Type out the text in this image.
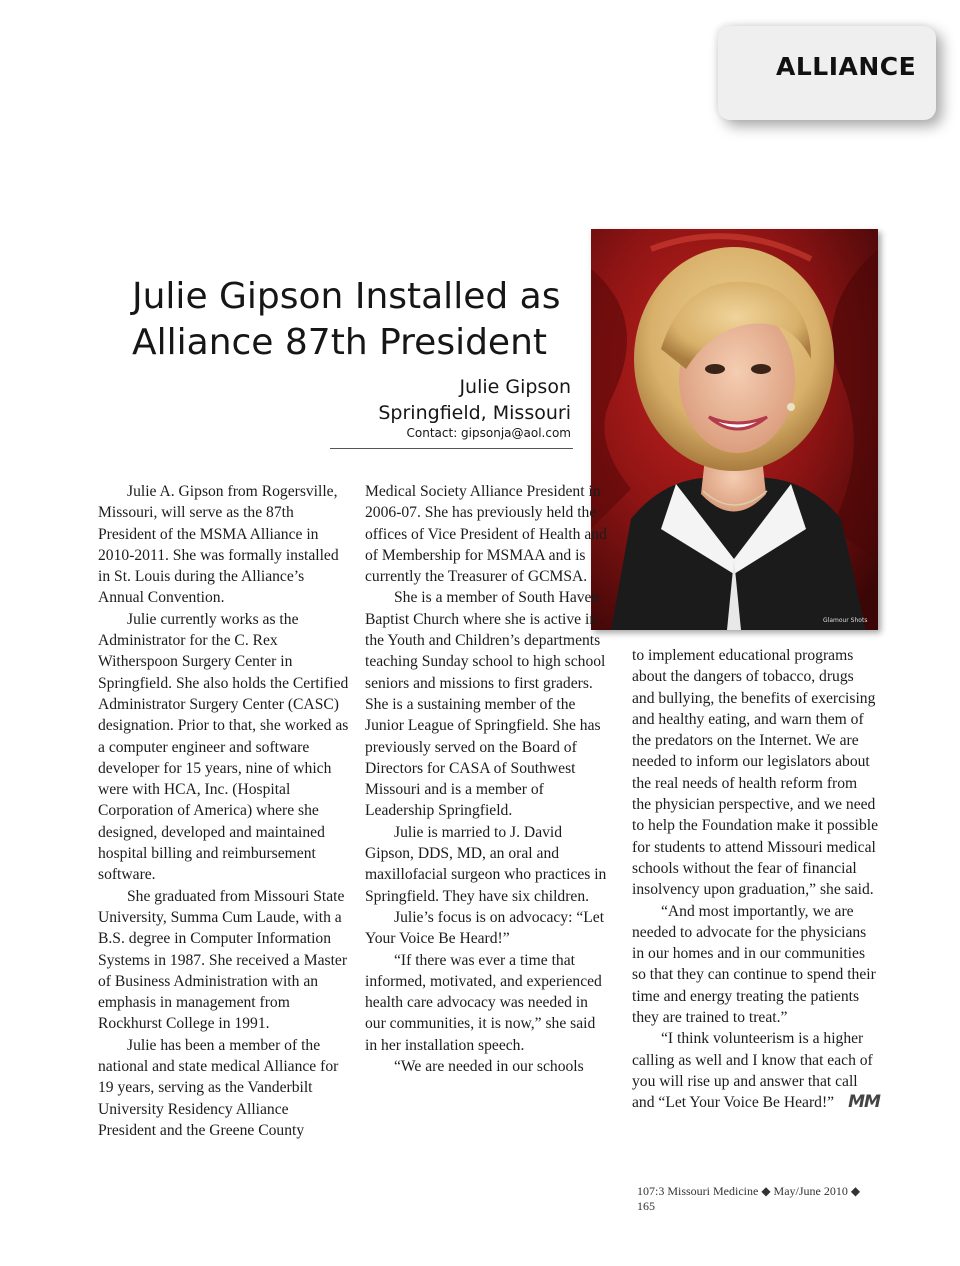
ALLIANCE
Julie Gipson Installed as
Alliance 87th President
Julie Gipson
Springfield, Missouri
Contact: gipsonja@aol.com
Glamour Shots

Julie A. Gipson from Rogersville, Missouri, will serve as the 87th President of the MSMA Alliance in 2010-2011. She was formally installed in St. Louis during the Alliance’s Annual Convention.

Julie currently works as the Administrator for the C. Rex Witherspoon Surgery Center in Springfield. She also holds the Certified Administrator Surgery Center (CASC) designation. Prior to that, she worked as a computer engineer and software developer for 15 years, nine of which were with HCA, Inc. (Hospital Corporation of America) where she designed, developed and maintained hospital billing and reimbursement software.

She graduated from Missouri State University, Summa Cum Laude, with a B.S. degree in Computer Information Systems in 1987. She received a Master of Business Administration with an emphasis in management from Rockhurst College in 1991.

Julie has been a member of the national and state medical Alliance for 19 years, serving as the Vanderbilt University Residency Alliance President and the Greene County

Medical Society Alliance President in 2006-07. She has previously held the offices of Vice President of Health and of Membership for MSMAA and is currently the Treasurer of GCMSA.

She is a member of South Haven Baptist Church where she is active in the Youth and Children’s departments teaching Sunday school to high school seniors and missions to first graders. She is a sustaining member of the Junior League of Springfield. She has previously served on the Board of Directors for CASA of Southwest Missouri and is a member of Leadership Springfield.

Julie is married to J. David Gipson, DDS, MD, an oral and maxillofacial surgeon who practices in Springfield. They have six children.

Julie’s focus is on advocacy: “Let Your Voice Be Heard!”

“If there was ever a time that informed, motivated, and experienced health care advocacy was needed in our communities, it is now,” she said in her installation speech.

“We are needed in our schools

to implement educational programs about the dangers of tobacco, drugs and bullying, the benefits of exercising and healthy eating, and warn them of the predators on the Internet. We are needed to inform our legislators about the real needs of health reform from the physician perspective, and we need to help the Foundation make it possible for students to attend Missouri medical schools without the fear of financial insolvency upon graduation,” she said.

“And most importantly, we are needed to advocate for the physicians in our homes and in our communities so that they can continue to spend their time and energy treating the patients they are trained to treat.”

“I think volunteerism is a higher calling as well and I know that each of you will rise up and answer that call and “Let Your Voice Be Heard!” MM

107:3 Missouri Medicine ◆ May/June 2010 ◆ 165
